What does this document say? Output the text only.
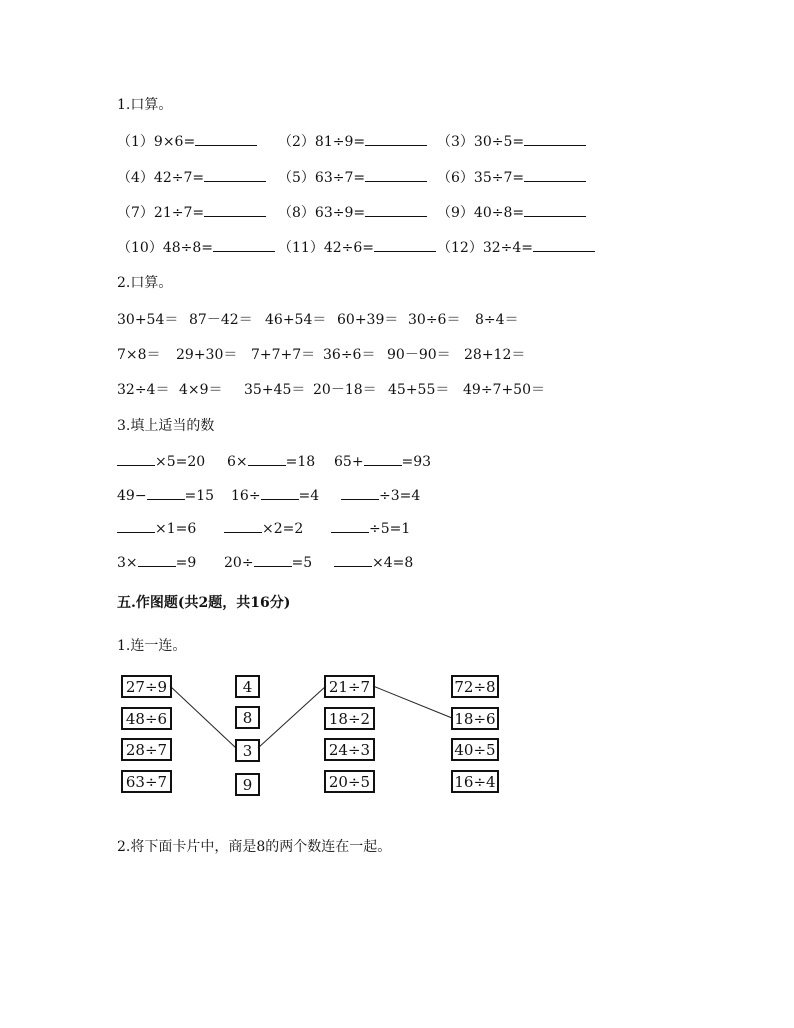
1.口算。
（1）9×6=	（2）81÷9=	（3）30÷5=
（4）42÷7=	（5）63÷7=	（6）35÷7=
（7）21÷7=	（8）63÷9=	（9）40÷8=
（10）48÷8=	（11）42÷6=	（12）32÷4=
2.口算。
30+54＝ 87－42＝ 46+54＝ 60+39＝ 30÷6＝ 8÷4＝
7×8＝ 29+30＝ 7+7+7＝ 36÷6＝ 90－90＝ 28+12＝
32÷4＝ 4×9＝ 35+45＝ 20－18＝ 45+55＝ 49÷7+50＝
3.填上适当的数
×5=20 6×	=18 65+	=93
49−	=15 16÷	=4	÷3=4
×1=6	×2=2	÷5=1
3×	=9 20÷	=5	×4=8
五.作图题(共2题，共16分)
1.连一连。
27÷9
48÷6
28÷7
63÷7
4
8
3
9
21÷7
18÷2
24÷3
20÷5
72÷8
18÷6
40÷5
16÷4
2.将下面卡片中，商是8的两个数连在一起。
